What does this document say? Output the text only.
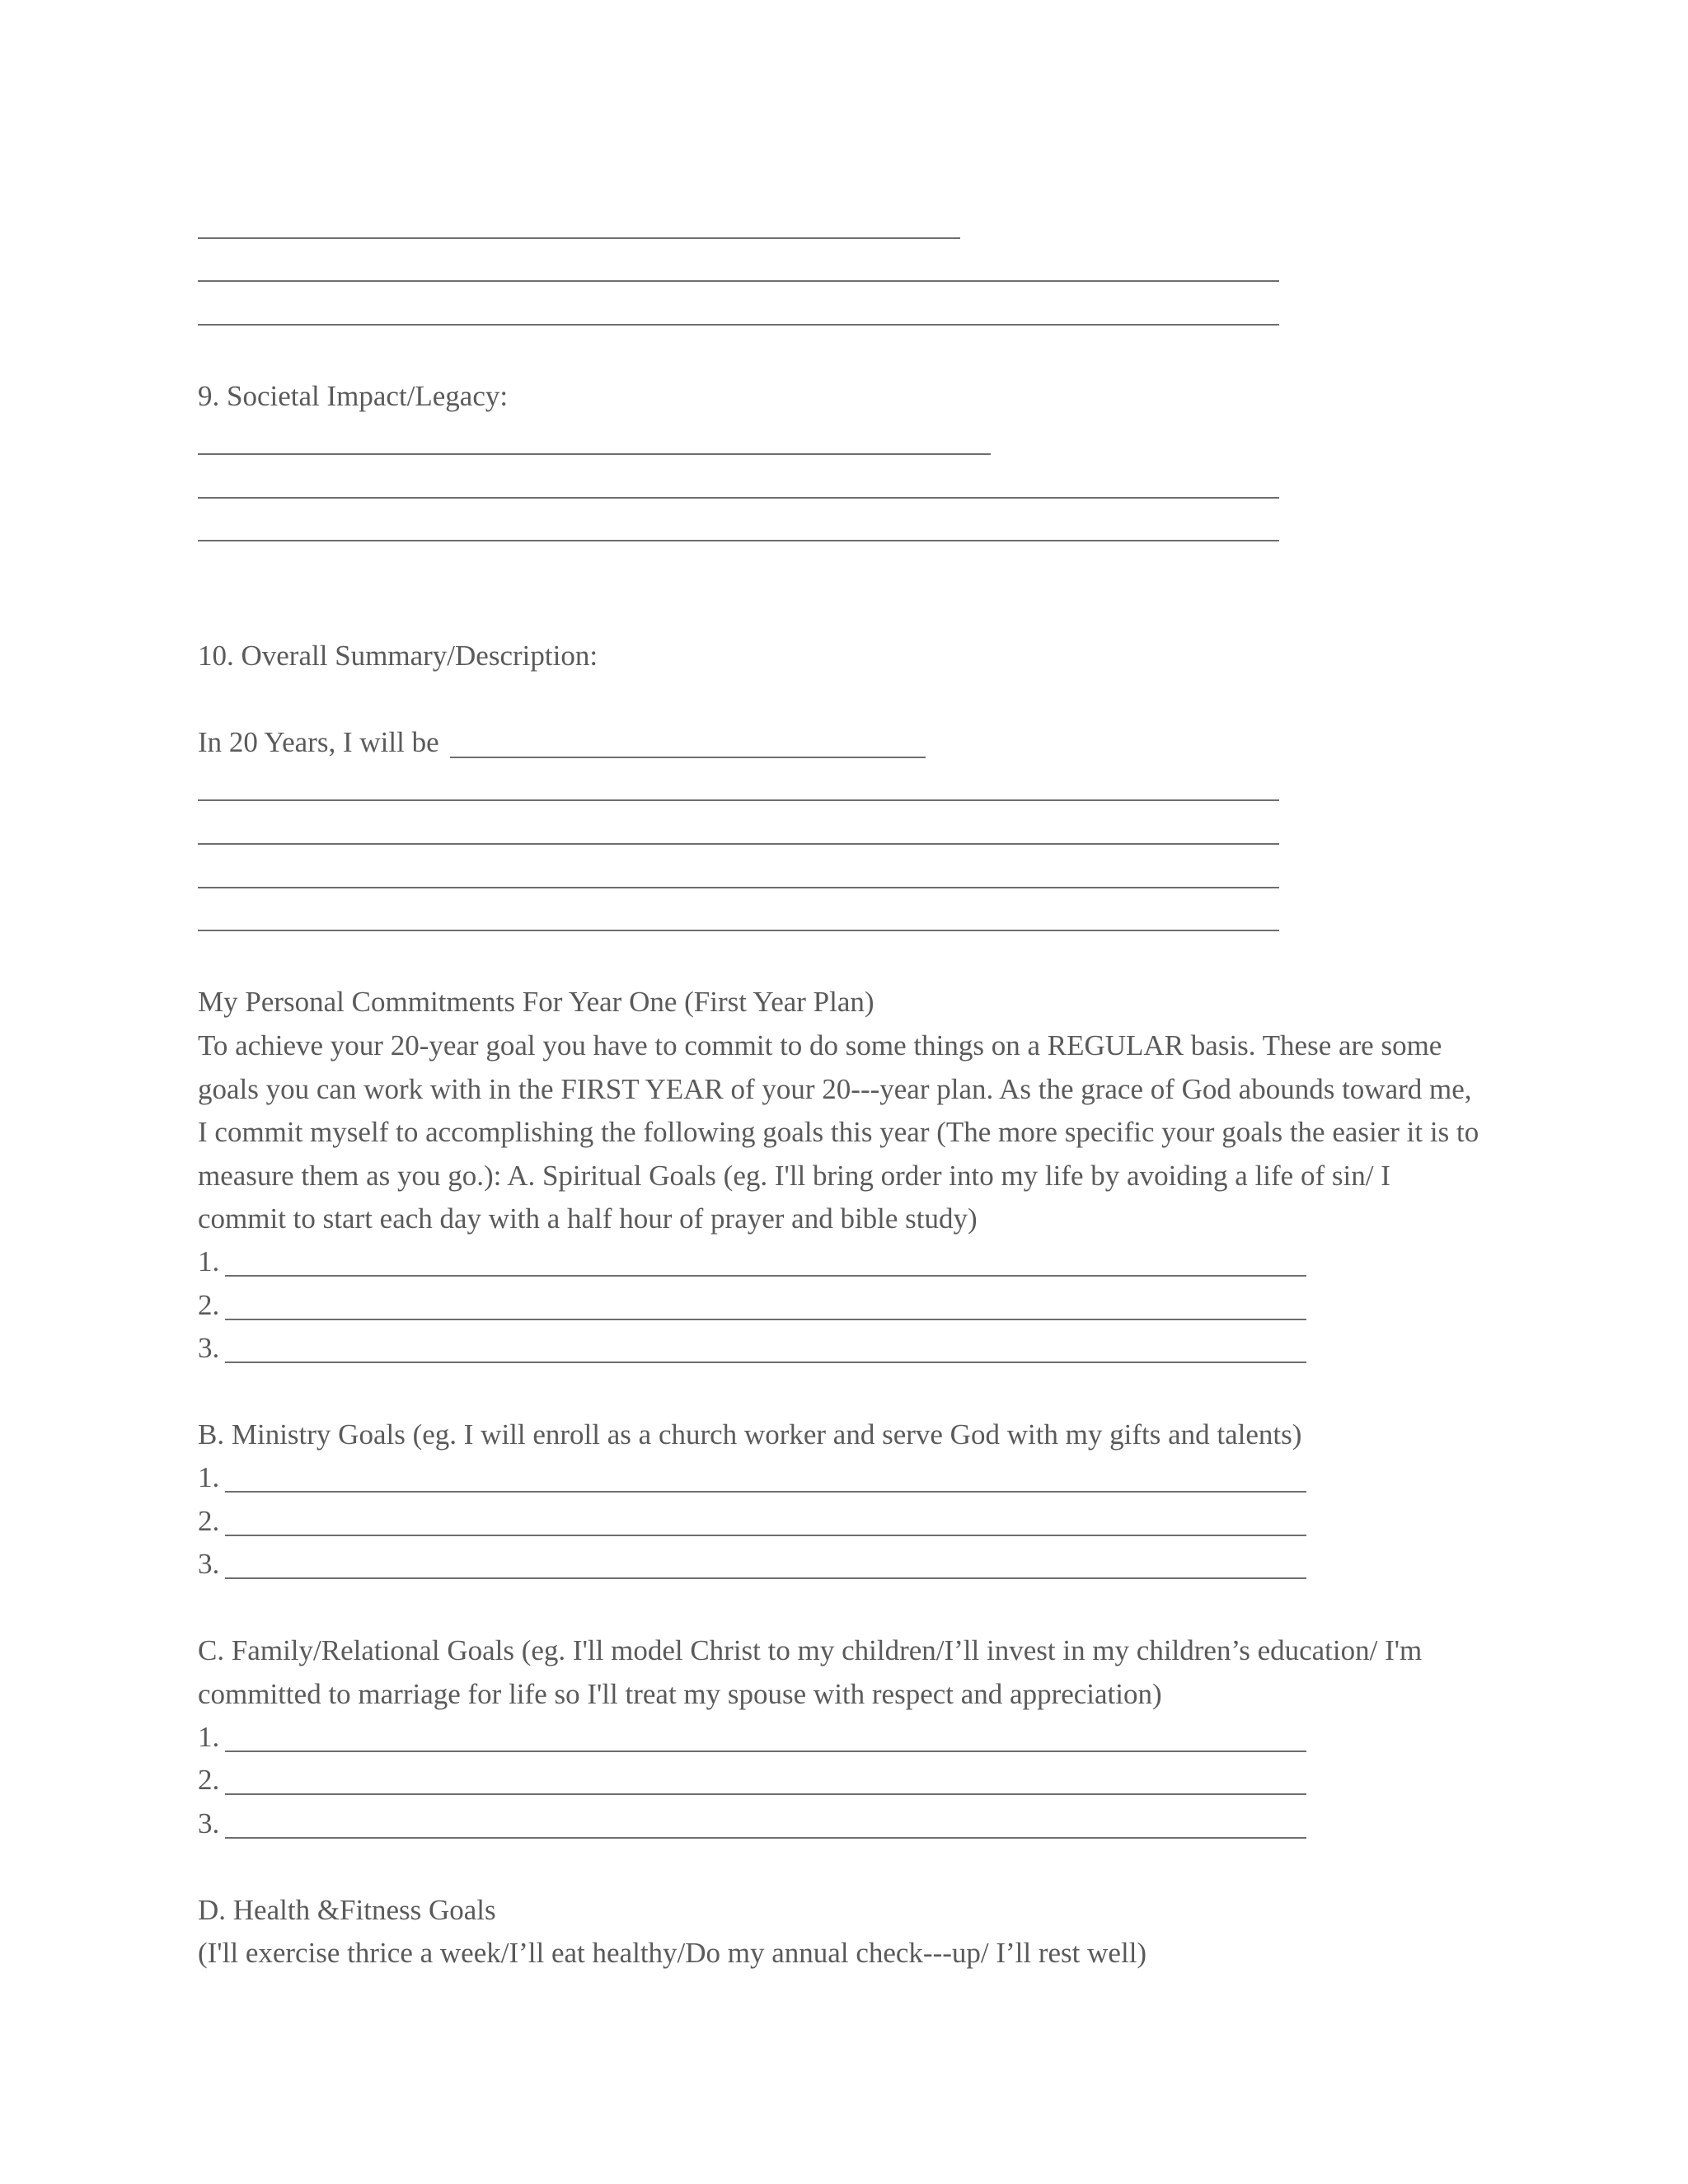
9. Societal Impact/Legacy:
10. Overall Summary/Description:
In 20 Years, I will be
My Personal Commitments For Year One (First Year Plan)
To achieve your 20-year goal you have to commit to do some things on a REGULAR basis. These are some goals you can work with in the FIRST YEAR of your 20---year plan. As the grace of God abounds toward me, I commit myself to accomplishing the following goals this year (The more specific your goals the easier it is to measure them as you go.): A. Spiritual Goals (eg. I'll bring order into my life by avoiding a life of sin/ I commit to start each day with a half hour of prayer and bible study)
1.
2.
3.
B. Ministry Goals (eg. I will enroll as a church worker and serve God with my gifts and talents)
1.
2.
3.
C. Family/Relational Goals (eg. I'll model Christ to my children/I’ll invest in my children’s education/ I'm committed to marriage for life so I'll treat my spouse with respect and appreciation)
1.
2.
3.
D. Health &Fitness Goals
(I'll exercise thrice a week/I’ll eat healthy/Do my annual check---up/ I’ll rest well)
